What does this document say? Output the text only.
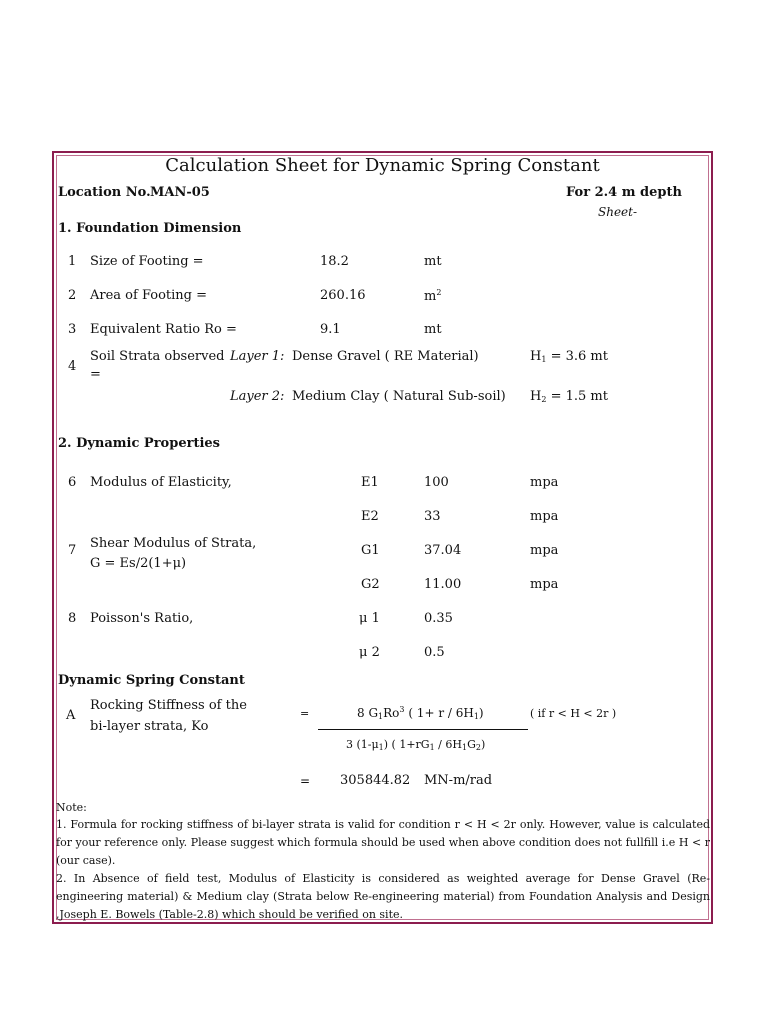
Calculation Sheet for Dynamic Spring Constant
Location No. MAN-05	For 2.4 m depth
Sheet-
1. Foundation Dimension
1 Size of Footing =	18.2	mt
2 Area of Footing =	260.16	$m^2$
3 Equivalent Ratio Ro =	9.1	mt
4
Soil Strata observed
=
Layer 1: Dense Gravel ( RE Material)	$H_1 = 3.6$ mt
Layer 2: Medium Clay ( Natural Sub-soil) $H_2 = 1.5$ mt
2. Dynamic Properties
6 Modulus of Elasticity,	E1	100	mpa
E2	33	mpa
7 Shear Modulus of Strata,
G = Es/2(1+μ)
G1	37.04	mpa
G2	11.00	mpa
8 Poisson's Ratio,	μ 1	0.35
μ 2	0.5
Dynamic Spring Constant
A
Rocking Stiffness of the
bi-layer strata, Ko
=	8 $G_1Ro^3$ ( $1+ r / 6H_1$)	( if r < H < 2r )
3 $(1-\mu_1)$ ( $1+rG_1 / 6H_1G_2$)
= 305844.82 MN-m/rad
Note:
1. Formula for rocking stiffness of bi-layer strata is valid for condition r < H < 2r only. However, value is calculated for your reference only. Please suggest which formula should be used when above condition does not fullfill i.e H < r (our case).
2. In Absence of field test, Modulus of Elasticity is considered as weighted average for Dense Gravel (Re-engineering material) & Medium clay (Strata below Re-engineering material) from Foundation Analysis and Design ,Joseph E. Bowels (Table-2.8) which should be verified on site.
